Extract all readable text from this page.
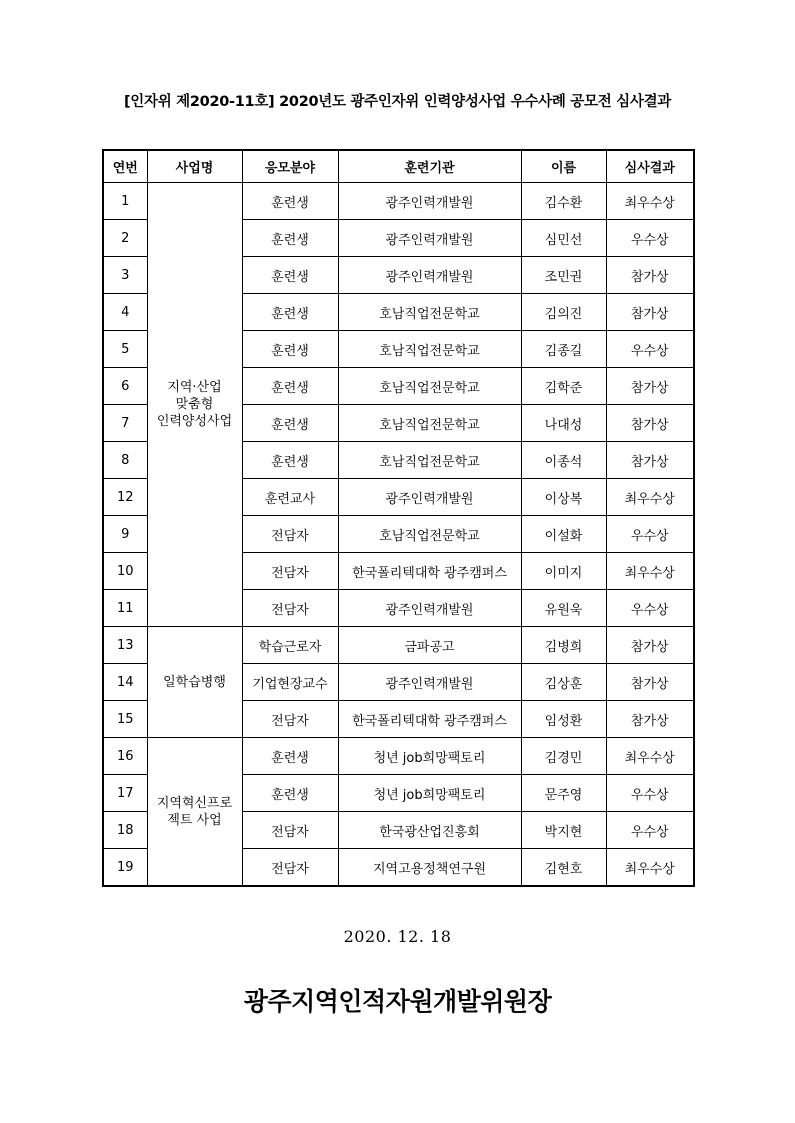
[인자위 제2020-11호] 2020년도 광주인자위 인력양성사업 우수사례 공모전 심사결과
연번	사업명	응모분야	훈련기관	이름	심사결과
1	지역·산업
맞춤형
인력양성사업	훈련생	광주인력개발원	김수환	최우수상
2		훈련생	광주인력개발원	심민선	우수상
3		훈련생	광주인력개발원	조민권	참가상
4		훈련생	호남직업전문학교	김의진	참가상
5		훈련생	호남직업전문학교	김종길	우수상
6		훈련생	호남직업전문학교	김학준	참가상
7		훈련생	호남직업전문학교	나대성	참가상
8		훈련생	호남직업전문학교	이종석	참가상
12		훈련교사	광주인력개발원	이상복	최우수상
9		전담자	호남직업전문학교	이설화	우수상
10		전담자	한국폴리텍대학 광주캠퍼스	이미지	최우수상
11		전담자	광주인력개발원	유원욱	우수상
13	일학습병행	학습근로자	금파공고	김병희	참가상
14		기업현장교수	광주인력개발원	김상훈	참가상
15		전담자	한국폴리텍대학 광주캠퍼스	임성환	참가상
16	지역혁신프로
젝트 사업	훈련생	청년 job희망팩토리	김경민	최우수상
17		훈련생	청년 job희망팩토리	문주영	우수상
18		전담자	한국광산업진흥회	박지현	우수상
19		전담자	지역고용정책연구원	김현호	최우수상
2020. 12. 18
광주지역인적자원개발위원장
